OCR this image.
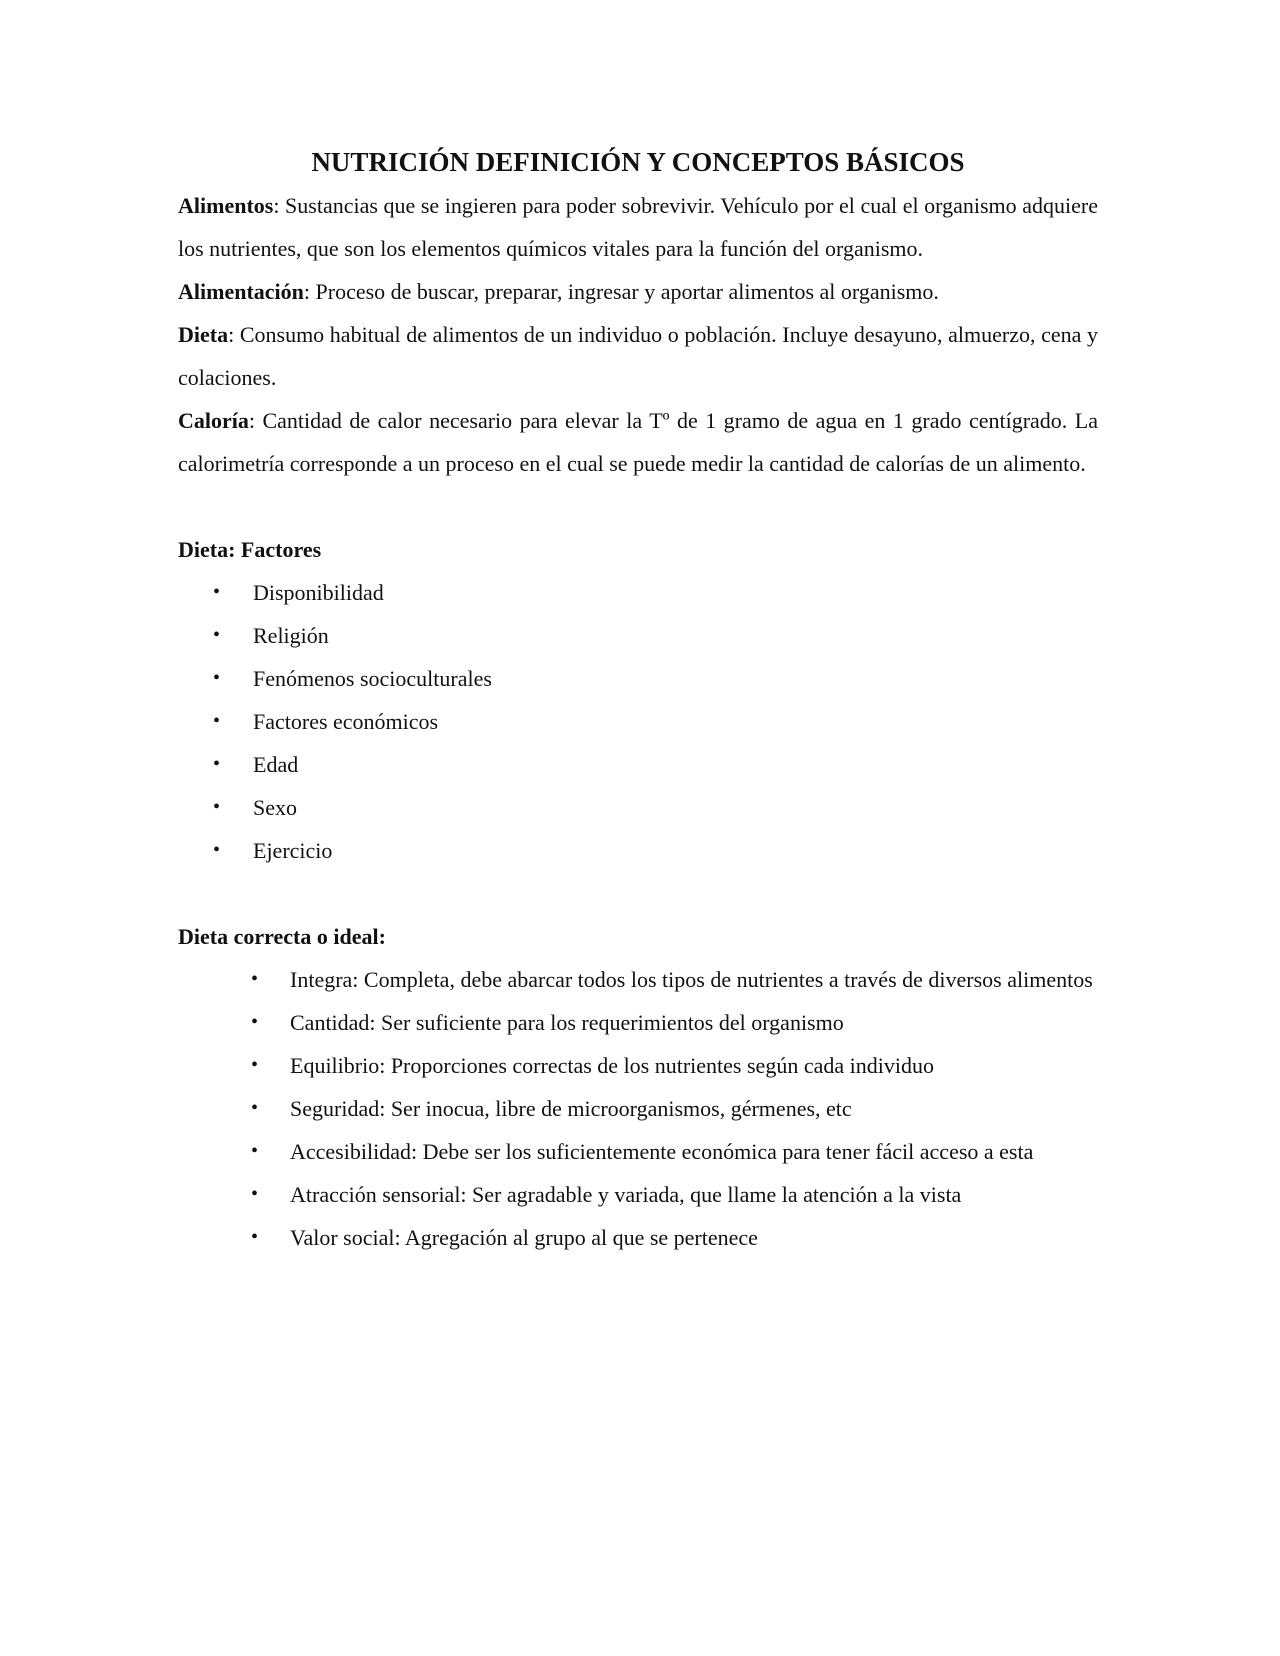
NUTRICIÓN DEFINICIÓN Y CONCEPTOS BÁSICOS

Alimentos: Sustancias que se ingieren para poder sobrevivir. Vehículo por el cual el organismo adquiere los nutrientes, que son los elementos químicos vitales para la función del organismo.

Alimentación: Proceso de buscar, preparar, ingresar y aportar alimentos al organismo.

Dieta: Consumo habitual de alimentos de un individuo o población. Incluye desayuno, almuerzo, cena y colaciones.

Caloría: Cantidad de calor necesario para elevar la Tº de 1 gramo de agua en 1 grado centígrado. La calorimetría corresponde a un proceso en el cual se puede medir la cantidad de calorías de un alimento.

Dieta: Factores

• Disponibilidad
• Religión
• Fenómenos socioculturales
• Factores económicos
• Edad
• Sexo
• Ejercicio

Dieta correcta o ideal:

• Integra: Completa, debe abarcar todos los tipos de nutrientes a través de diversos alimentos
• Cantidad: Ser suficiente para los requerimientos del organismo
• Equilibrio: Proporciones correctas de los nutrientes según cada individuo
• Seguridad: Ser inocua, libre de microorganismos, gérmenes, etc
• Accesibilidad: Debe ser los suficientemente económica para tener fácil acceso a esta
• Atracción sensorial: Ser agradable y variada, que llame la atención a la vista
• Valor social: Agregación al grupo al que se pertenece
